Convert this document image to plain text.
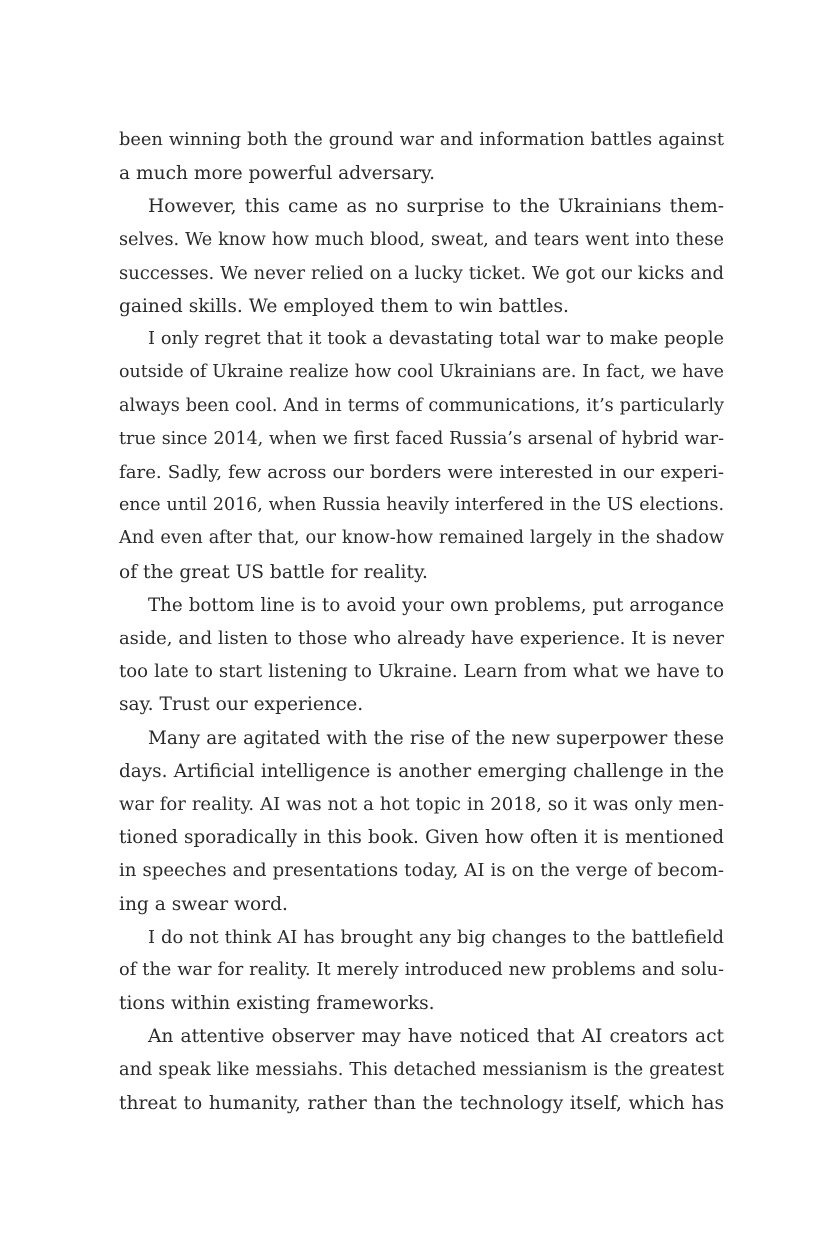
been winning both the ground war and information battles against
a much more powerful adversary.

However, this came as no surprise to the Ukrainians them-
selves. We know how much blood, sweat, and tears went into these
successes. We never relied on a lucky ticket. We got our kicks and
gained skills. We employed them to win battles.

I only regret that it took a devastating total war to make people
outside of Ukraine realize how cool Ukrainians are. In fact, we have
always been cool. And in terms of communications, it’s particularly
true since 2014, when we first faced Russia’s arsenal of hybrid war-
fare. Sadly, few across our borders were interested in our experi-
ence until 2016, when Russia heavily interfered in the US elections.
And even after that, our know-how remained largely in the shadow
of the great US battle for reality.

The bottom line is to avoid your own problems, put arrogance
aside, and listen to those who already have experience. It is never
too late to start listening to Ukraine. Learn from what we have to
say. Trust our experience.

Many are agitated with the rise of the new superpower these
days. Artificial intelligence is another emerging challenge in the
war for reality. AI was not a hot topic in 2018, so it was only men-
tioned sporadically in this book. Given how often it is mentioned
in speeches and presentations today, AI is on the verge of becom-
ing a swear word.

I do not think AI has brought any big changes to the battlefield
of the war for reality. It merely introduced new problems and solu-
tions within existing frameworks.

An attentive observer may have noticed that AI creators act
and speak like messiahs. This detached messianism is the greatest
threat to humanity, rather than the technology itself, which has
